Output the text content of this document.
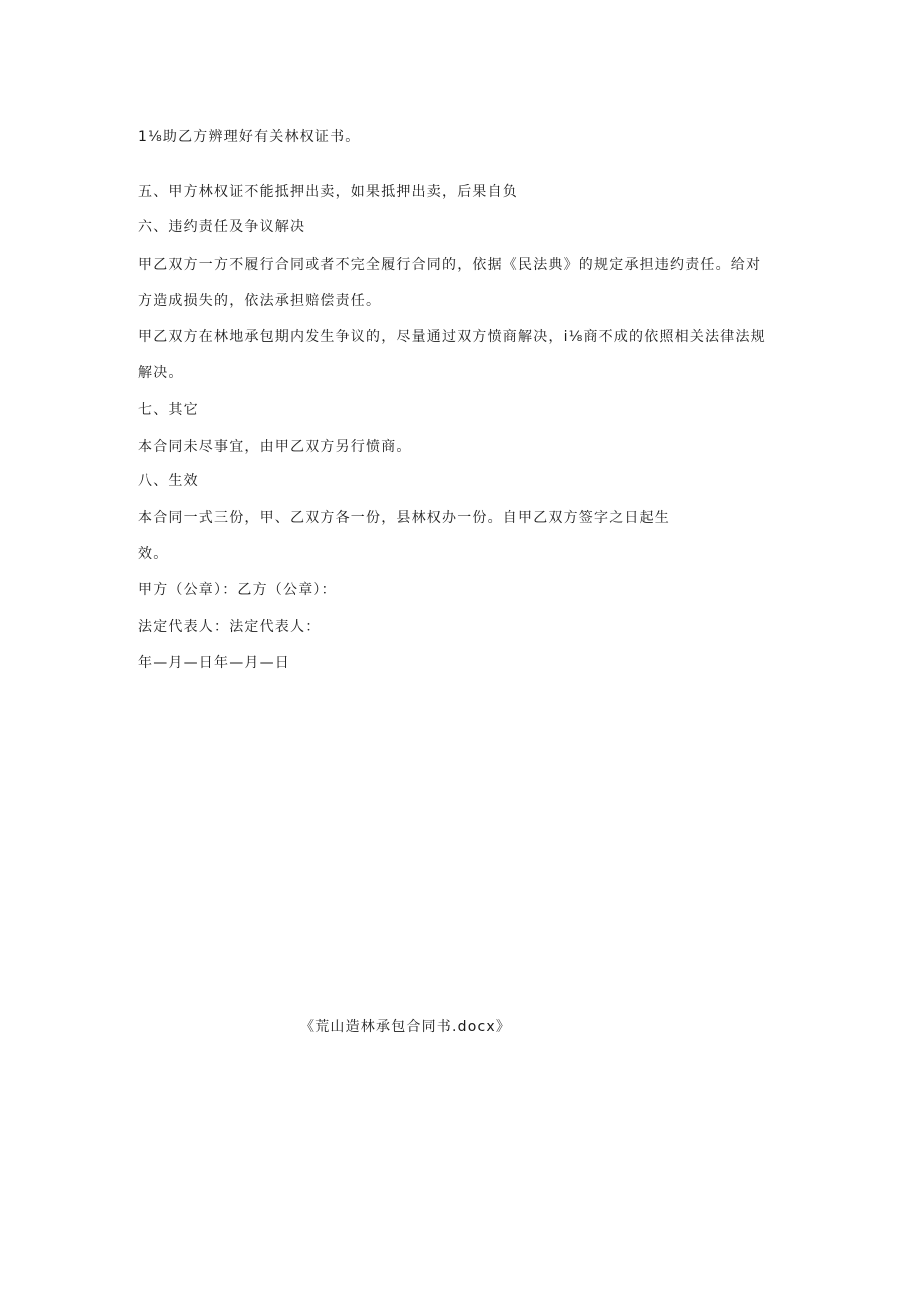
1⅛助乙方辨理好有关林权证书。
五、甲方林权证不能抵押出卖，如果抵押出卖，后果自负
六、违约责任及争议解决
甲乙双方一方不履行合同或者不完全履行合同的，依据《民法典》的规定承担违约责任。给对
方造成损失的，依法承担赔偿责任。
甲乙双方在林地承包期内发生争议的，尽量通过双方愤商解决，i⅛商不成的依照相关法律法规
解决。
七、其它
本合同未尽事宜，由甲乙双方另行愤商。
八、生效
本合同一式三份，甲、乙双方各一份，县林权办一份。自甲乙双方签字之日起生
效。
甲方（公章）：乙方（公章）：
法定代表人：法定代表人：
年—月—日年—月—日
《荒山造林承包合同书.docx》
